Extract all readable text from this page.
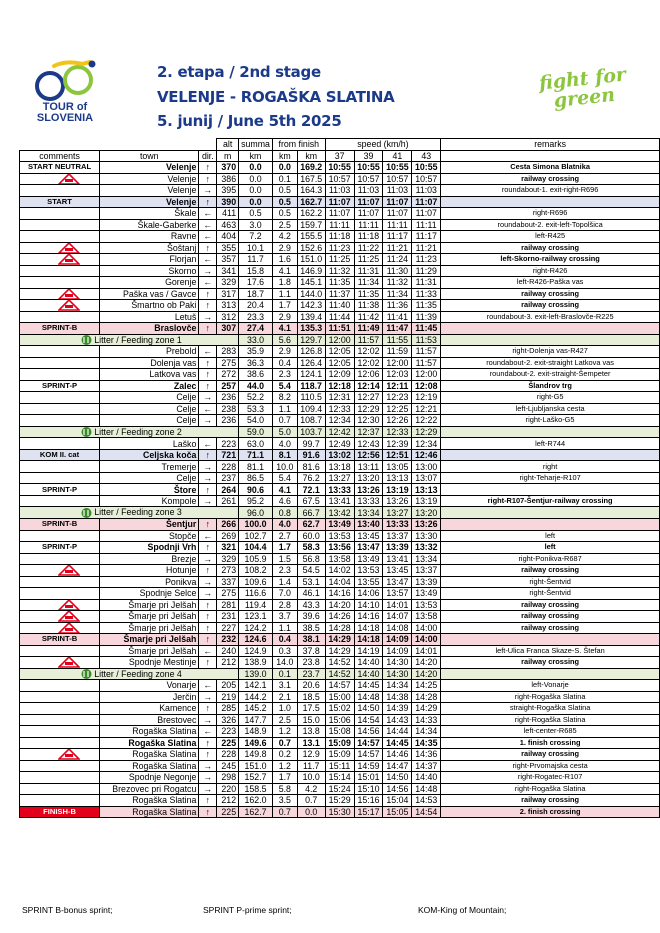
TOUR of
SLOVENIA
2. etapa / 2nd stage
VELENJE - ROGAŠKA SLATINA
5. junij / June 5th 2025
fight for green
			alt	summa	from finish		speed (km/h)				remarks
comments	town	dir.	m	km	km	km	37	39	41	43	
START NEUTRAL	Velenje	↑	370	0.0	0.0	169.2	10:55	10:55	10:55	10:55	Cesta Simona Blatnika

	Velenje	↑	386	0.0	0.1	167.5	10:57	10:57	10:57	10:57	railway crossing
	Velenje	→	395	0.0	0.5	164.3	11:03	11:03	11:03	11:03	roundabout-1. exit-right-R696
START	Velenje	↑	390	0.0	0.5	162.7	11:07	11:07	11:07	11:07	
	Škale	←	411	0.5	0.5	162.2	11:07	11:07	11:07	11:07	right-R696
	Škale-Gaberke	←	463	3.0	2.5	159.7	11:11	11:11	11:11	11:11	roundabout-2. exit-left-Topolšica
	Ravne	←	404	7.2	4.2	155.5	11:18	11:18	11:17	11:17	left-R425

	Šoštanj	↑	355	10.1	2.9	152.6	11:23	11:22	11:21	11:21	railway crossing

	Florjan	←	357	11.7	1.6	151.0	11:25	11:25	11:24	11:23	left-Skorno-railway crossing
	Skorno	→	341	15.8	4.1	146.9	11:32	11:31	11:30	11:29	right-R426
	Gorenje	←	329	17.6	1.8	145.1	11:35	11:34	11:32	11:31	left-R426-Paška vas

	Paška vas / Gavce	↑	317	18.7	1.1	144.0	11:37	11:35	11:34	11:33	railway crossing

	Šmartno ob Paki	↑	313	20.4	1.7	142.3	11:40	11:38	11:36	11:35	railway crossing
	Letuš	→	312	23.3	2.9	139.4	11:44	11:42	11:41	11:39	roundabout-3. exit-left-Braslovče-R225
SPRINT-B	Braslovče	↑	307	27.4	4.1	135.3	11:51	11:49	11:47	11:45	
Litter / Feeding zone 1				33.0	5.6	129.7	12:00	11:57	11:55	11:53	
	Prebold	←	283	35.9	2.9	126.8	12:05	12:02	11:59	11:57	right-Dolenja vas-R427
	Dolenja vas	↑	275	36.3	0.4	126.4	12:05	12:02	12:00	11:57	roundabout-2. exit-straight Latkova vas
	Latkova vas	↑	272	38.6	2.3	124.1	12:09	12:06	12:03	12:00	roundabout-2. exit-straight-Šempeter
SPRINT-P	Zalec	↑	257	44.0	5.4	118.7	12:18	12:14	12:11	12:08	Šlandrov trg
	Celje	→	236	52.2	8.2	110.5	12:31	12:27	12:23	12:19	right-G5
	Celje	←	238	53.3	1.1	109.4	12:33	12:29	12:25	12:21	left-Ljubljanska cesta
	Celje	→	236	54.0	0.7	108.7	12:34	12:30	12:26	12:22	right-Laško-G5
Litter / Feeding zone 2				59.0	5.0	103.7	12:42	12:37	12:33	12:29	
	Laško	←	223	63.0	4.0	99.7	12:49	12:43	12:39	12:34	left-R744
KOM II. cat	Celjska koča	↑	721	71.1	8.1	91.6	13:02	12:56	12:51	12:46	
	Tremerje	→	228	81.1	10.0	81.6	13:18	13:11	13:05	13:00	right
	Celje	→	237	86.5	5.4	76.2	13:27	13:20	13:13	13:07	right-Teharje-R107
SPRINT-P	Štore	↑	264	90.6	4.1	72.1	13:33	13:26	13:19	13:13	
	Kompole	→	261	95.2	4.6	67.5	13:41	13:33	13:26	13:19	right-R107-Šentjur-railway crossing
Litter / Feeding zone 3				96.0	0.8	66.7	13:42	13:34	13:27	13:20	
SPRINT-B	Šentjur	↑	266	100.0	4.0	62.7	13:49	13:40	13:33	13:26	
	Stopče	←	269	102.7	2.7	60.0	13:53	13:45	13:37	13:30	left
SPRINT-P	Spodnji Vrh	↑	321	104.4	1.7	58.3	13:56	13:47	13:39	13:32	left
	Brezje	→	329	105.9	1.5	56.8	13:58	13:49	13:41	13:34	right-Ponikva-R687

	Hotunje	↑	273	108.2	2.3	54.5	14:02	13:53	13:45	13:37	railway crossing
	Ponikva	→	337	109.6	1.4	53.1	14:04	13:55	13:47	13:39	right-Šentvid
	Spodnje Selce	→	275	116.6	7.0	46.1	14:16	14:06	13:57	13:49	right-Šentvid

	Šmarje pri Jelšah	↑	281	119.4	2.8	43.3	14:20	14:10	14:01	13:53	railway crossing

	Šmarje pri Jelšah	↑	231	123.1	3.7	39.6	14:26	14:16	14:07	13:58	railway crossing

	Šmarje pri Jelšah	↑	227	124.2	1.1	38.5	14:28	14:18	14:08	14:00	railway crossing
SPRINT-B	Šmarje pri Jelšah	↑	232	124.6	0.4	38.1	14:29	14:18	14:09	14:00	
	Šmarje pri Jelšah	←	240	124.9	0.3	37.8	14:29	14:19	14:09	14:01	left-Ulica Franca Skaze-S. Štefan

	Spodnje Mestinje	↑	212	138.9	14.0	23.8	14:52	14:40	14:30	14:20	railway crossing
Litter / Feeding zone 4				139.0	0.1	23.7	14:52	14:40	14:30	14:20	
	Vonarje	←	205	142.1	3.1	20.6	14:57	14:45	14:34	14:25	left-Vonarje
	Jerčin	→	219	144.2	2.1	18.5	15:00	14:48	14:38	14:28	right-Rogaška Slatina
	Kamence	↑	285	145.2	1.0	17.5	15:02	14:50	14:39	14:29	straight-Rogaška Slatina
	Brestovec	→	326	147.7	2.5	15.0	15:06	14:54	14:43	14:33	right-Rogaška Slatina
	Rogaška Slatina	←	223	148.9	1.2	13.8	15:08	14:56	14:44	14:34	left-center-R685
	Rogaška Slatina	↑	225	149.6	0.7	13.1	15:09	14:57	14:45	14:35	1. finish crossing

	Rogaška Slatina	↑	228	149.8	0.2	12.9	15:09	14:57	14:46	14:36	railway crossing
	Rogaška Slatina	→	245	151.0	1.2	11.7	15:11	14:59	14:47	14:37	right-Prvomajska cesta
	Spodnje Negonje	→	298	152.7	1.7	10.0	15:14	15:01	14:50	14:40	right-Rogatec-R107
	Brezovec pri Rogatcu	→	220	158.5	5.8	4.2	15:24	15:10	14:56	14:48	right-Rogaška Slatina
	Rogaška Slatina	↑	212	162.0	3.5	0.7	15:29	15:16	15:04	14:53	railway crossing
FINISH-B	Rogaška Slatina	↑	225	162.7	0.7	0.0	15:30	15:17	15:05	14:54	2. finish crossing
SPRINT B-bonus sprint;	SPRINT P-prime sprint;	KOM-King of Mountain;
